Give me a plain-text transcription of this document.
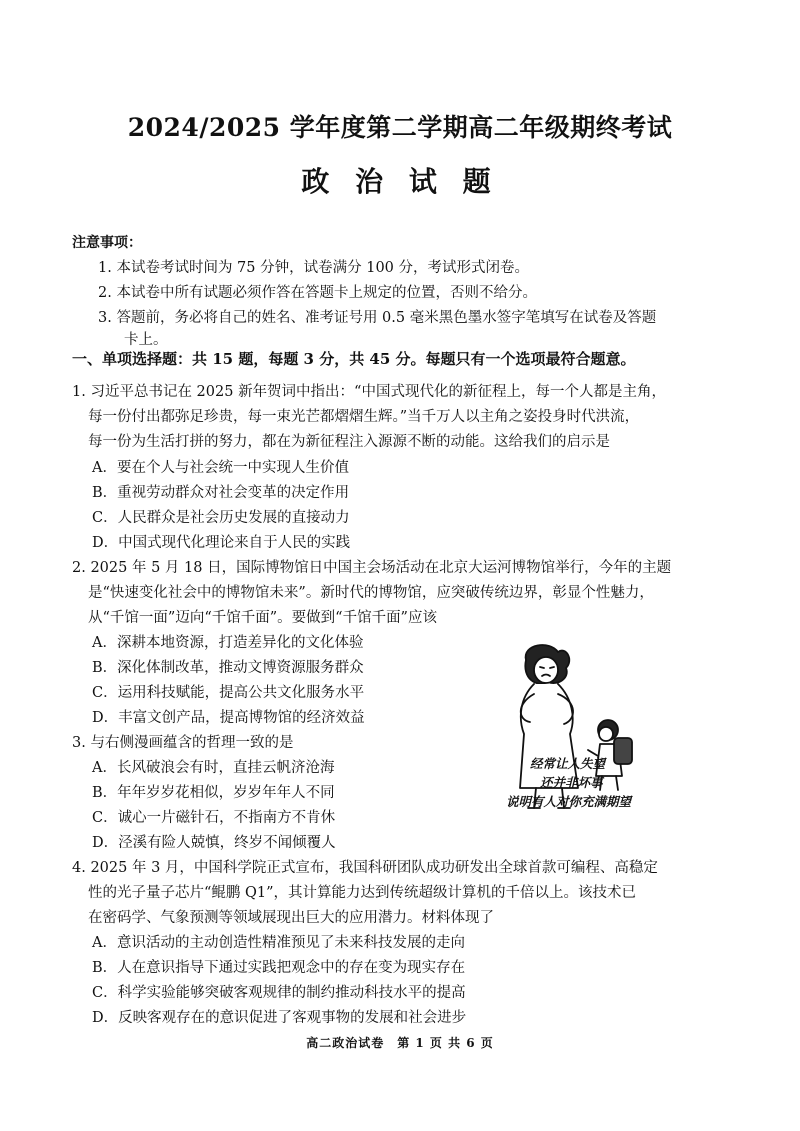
2024/2025 学年度第二学期高二年级期终考试
政 治 试 题
注意事项：
1. 本试卷考试时间为 75 分钟，试卷满分 100 分，考试形式闭卷。
2. 本试卷中所有试题必须作答在答题卡上规定的位置，否则不给分。
3. 答题前，务必将自己的姓名、准考证号用 0.5 毫米黑色墨水签字笔填写在试卷及答题
卡上。
一、单项选择题：共 15 题，每题 3 分，共 45 分。每题只有一个选项最符合题意。
1. 习近平总书记在 2025 新年贺词中指出：“中国式现代化的新征程上，每一个人都是主角，
每一份付出都弥足珍贵，每一束光芒都熠熠生辉。”当千万人以主角之姿投身时代洪流，
每一份为生活打拼的努力，都在为新征程注入源源不断的动能。这给我们的启示是
A．要在个人与社会统一中实现人生价值
B．重视劳动群众对社会变革的决定作用
C．人民群众是社会历史发展的直接动力
D．中国式现代化理论来自于人民的实践
2. 2025 年 5 月 18 日，国际博物馆日中国主会场活动在北京大运河博物馆举行，今年的主题
是“快速变化社会中的博物馆未来”。新时代的博物馆，应突破传统边界，彰显个性魅力，
从“千馆一面”迈向“千馆千面”。要做到“千馆千面”应该
A．深耕本地资源，打造差异化的文化体验
B．深化体制改革，推动文博资源服务群众
C．运用科技赋能，提高公共文化服务水平
D．丰富文创产品，提高博物馆的经济效益
3. 与右侧漫画蕴含的哲理一致的是
A．长风破浪会有时，直挂云帆济沧海
B．年年岁岁花相似，岁岁年年人不同
C．诚心一片磁针石，不指南方不肯休
D．泾溪有险人兢慎，终岁不闻倾覆人
经常让人失望
还并非坏事
说明有人对你充满期望
4. 2025 年 3 月，中国科学院正式宣布，我国科研团队成功研发出全球首款可编程、高稳定
性的光子量子芯片“鲲鹏 Q1”，其计算能力达到传统超级计算机的千倍以上。该技术已
在密码学、气象预测等领域展现出巨大的应用潜力。材料体现了
A．意识活动的主动创造性精准预见了未来科技发展的走向
B．人在意识指导下通过实践把观念中的存在变为现实存在
C．科学实验能够突破客观规律的制约推动科技水平的提高
D．反映客观存在的意识促进了客观事物的发展和社会进步
高二政治试卷　第 1 页 共 6 页
